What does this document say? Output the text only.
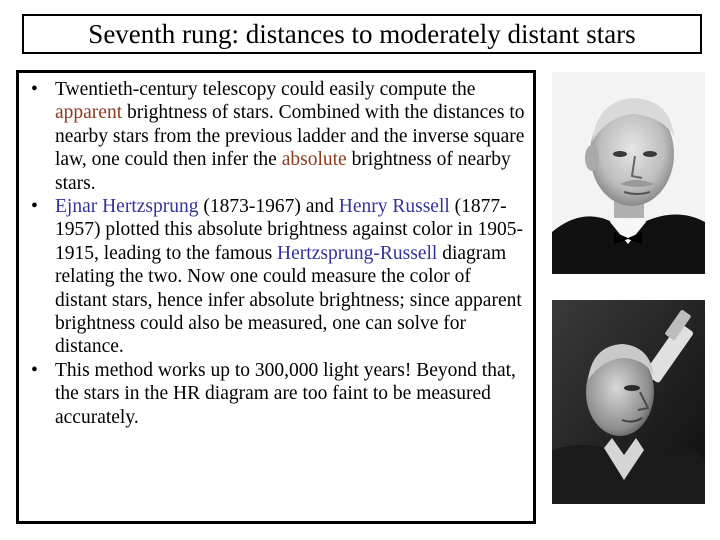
Seventh rung: distances to moderately distant stars
• Twentieth-century telescopy could easily compute the apparent brightness of stars. Combined with the distances to nearby stars from the previous ladder and the inverse square law, one could then infer the absolute brightness of nearby stars.
• Ejnar Hertzsprung (1873-1967) and Henry Russell (1877-1957) plotted this absolute brightness against color in 1905-1915, leading to the famous Hertzsprung-Russell diagram relating the two. Now one could measure the color of distant stars, hence infer absolute brightness; since apparent brightness could also be measured, one can solve for distance.
• This method works up to 300,000 light years! Beyond that, the stars in the HR diagram are too faint to be measured accurately.
